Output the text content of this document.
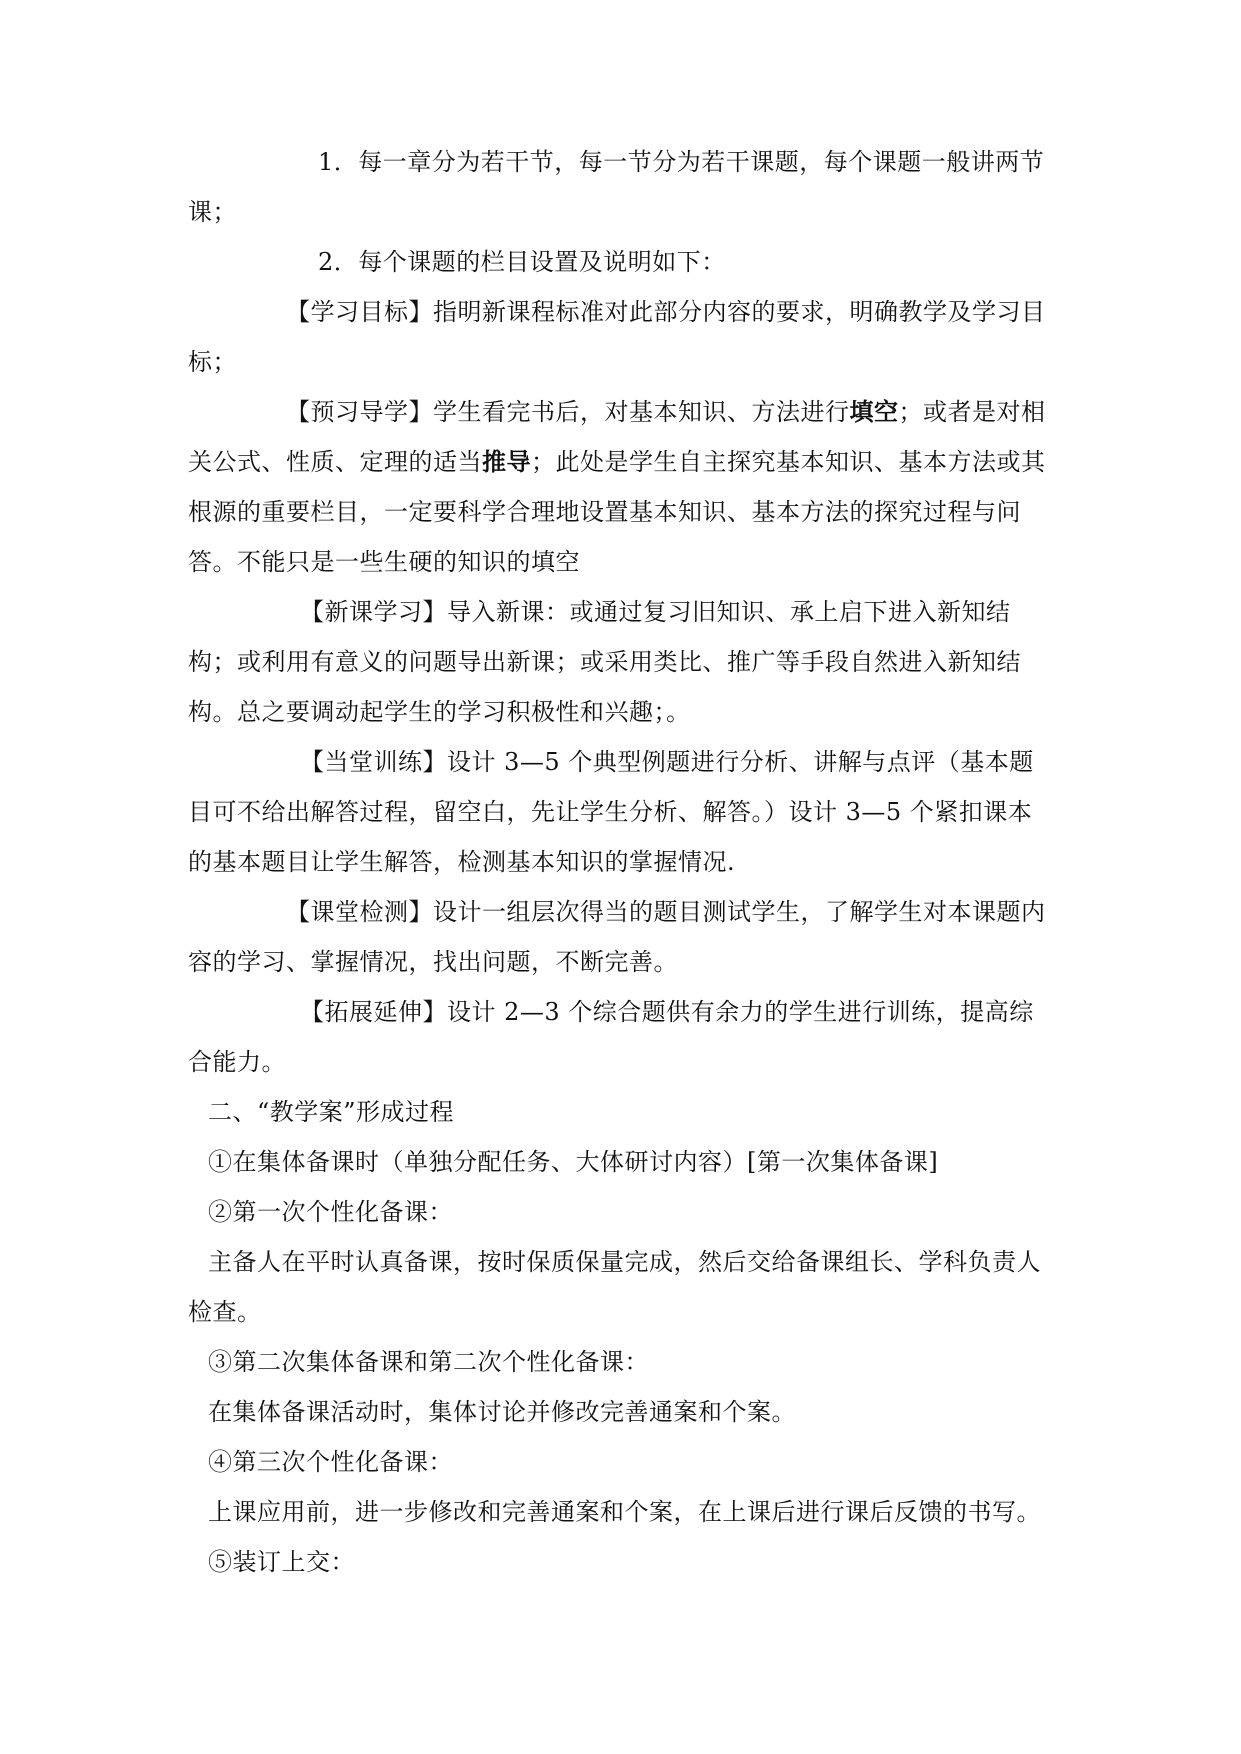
1．每一章分为若干节，每一节分为若干课题，每个课题一般讲两节课；

2．每个课题的栏目设置及说明如下：

【学习目标】指明新课程标准对此部分内容的要求，明确教学及学习目标；

【预习导学】学生看完书后，对基本知识、方法进行填空；或者是对相关公式、性质、定理的适当推导；此处是学生自主探究基本知识、基本方法或其根源的重要栏目，一定要科学合理地设置基本知识、基本方法的探究过程与问答。不能只是一些生硬的知识的填空

【新课学习】导入新课：或通过复习旧知识、承上启下进入新知结构；或利用有意义的问题导出新课；或采用类比、推广等手段自然进入新知结构。总之要调动起学生的学习积极性和兴趣；。

【当堂训练】设计 3—5 个典型例题进行分析、讲解与点评（基本题目可不给出解答过程，留空白，先让学生分析、解答。）设计 3—5 个紧扣课本的基本题目让学生解答，检测基本知识的掌握情况.

【课堂检测】设计一组层次得当的题目测试学生，了解学生对本课题内容的学习、掌握情况，找出问题，不断完善。

【拓展延伸】设计 2—3 个综合题供有余力的学生进行训练，提高综合能力。

二、“教学案”形成过程

①在集体备课时（单独分配任务、大体研讨内容）[第一次集体备课]

②第一次个性化备课：

主备人在平时认真备课，按时保质保量完成，然后交给备课组长、学科负责人检查。

③第二次集体备课和第二次个性化备课：

在集体备课活动时，集体讨论并修改完善通案和个案。

④第三次个性化备课：

上课应用前，进一步修改和完善通案和个案，在上课后进行课后反馈的书写。

⑤装订上交：
